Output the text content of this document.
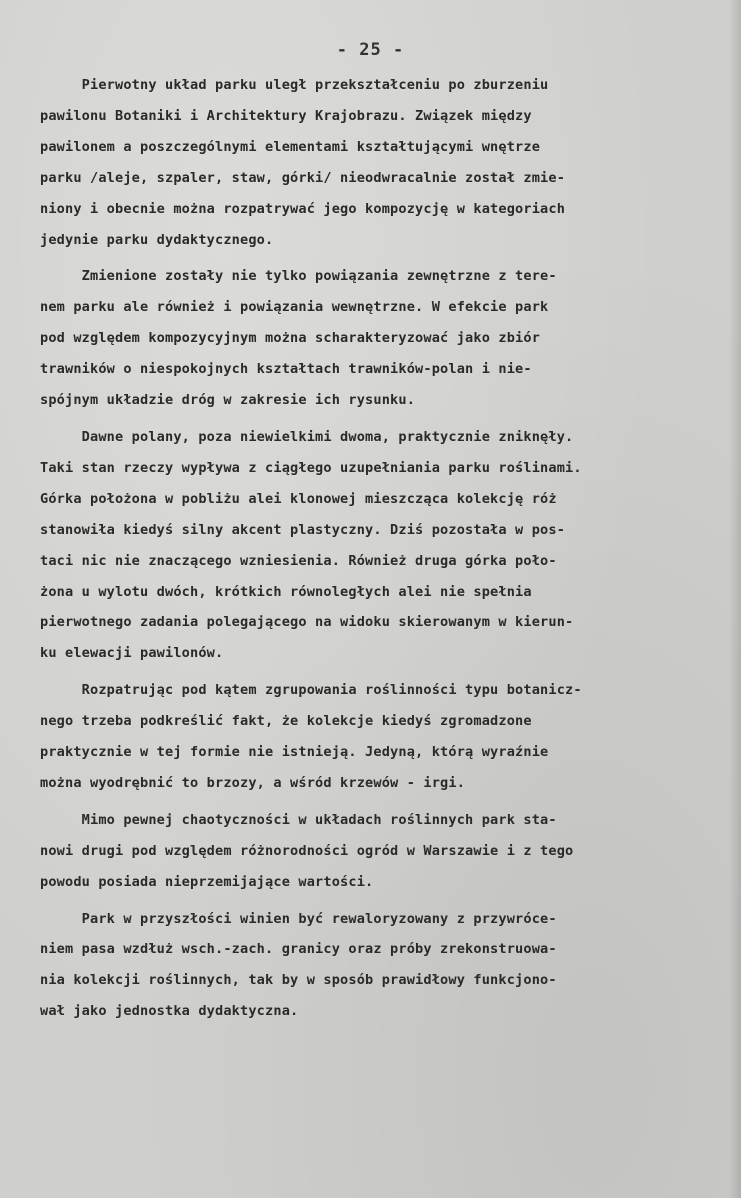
- 25 -
Pierwotny układ parku uległ przekształceniu po zburzeniu
pawilonu Botaniki i Architektury Krajobrazu. Związek między
pawilonem a poszczególnymi elementami kształtującymi wnętrze
parku /aleje, szpaler, staw, górki/ nieodwracalnie został zmie-
niony i obecnie można rozpatrywać jego kompozycję w kategoriach
jedynie parku dydaktycznego.
Zmienione zostały nie tylko powiązania zewnętrzne z tere-
nem parku ale również i powiązania wewnętrzne. W efekcie park
pod względem kompozycyjnym można scharakteryzować jako zbiór
trawników o niespokojnych kształtach trawników-polan i nie-
spójnym układzie dróg w zakresie ich rysunku.
Dawne polany, poza niewielkimi dwoma, praktycznie zniknęły.
Taki stan rzeczy wypływa z ciągłego uzupełniania parku roślinami.
Górka położona w pobliżu alei klonowej mieszcząca kolekcję róż
stanowiła kiedyś silny akcent plastyczny. Dziś pozostała w pos-
taci nic nie znaczącego wzniesienia. Również druga górka poło-
żona u wylotu dwóch, krótkich równoległych alei nie spełnia
pierwotnego zadania polegającego na widoku skierowanym w kierun-
ku elewacji pawilonów.
Rozpatrując pod kątem zgrupowania roślinności typu botanicz-
nego trzeba podkreślić fakt, że kolekcje kiedyś zgromadzone
praktycznie w tej formie nie istnieją. Jedyną, którą wyraźnie
można wyodrębnić to brzozy, a wśród krzewów - irgi.
Mimo pewnej chaotyczności w układach roślinnych park sta-
nowi drugi pod względem różnorodności ogród w Warszawie i z tego
powodu posiada nieprzemijające wartości.
Park w przyszłości winien być rewaloryzowany z przywróce-
niem pasa wzdłuż wsch.-zach. granicy oraz próby zrekonstruowa-
nia kolekcji roślinnych, tak by w sposób prawidłowy funkcjono-
wał jako jednostka dydaktyczna.
